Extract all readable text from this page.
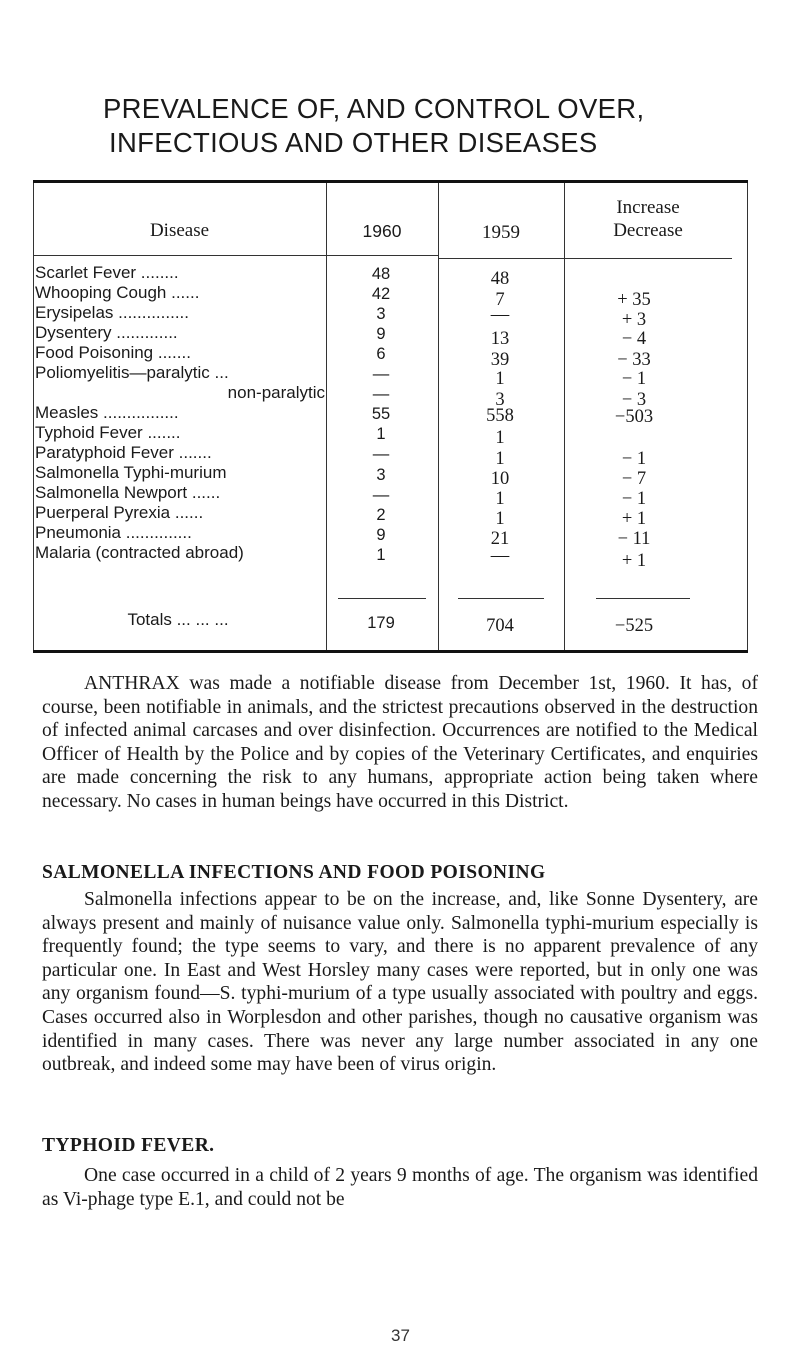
PREVALENCE OF, AND CONTROL OVER,
INFECTIOUS AND OTHER DISEASES
Disease	1960	1959
Increase
Decrease
Scarlet Fever ........	48	48
Whooping Cough ......	42	7	+ 35
Erysipelas ...............	3	—	+ 3
Dysentery .............	9	13	− 4
Food Poisoning .......	6	39	− 33
Poliomyelitis—paralytic ...	—	1	− 1
non-paralytic	—	3	− 3
Measles ................	55	558	−503
Typhoid Fever .......	1	1
Paratyphoid Fever .......	—	1	− 1
Salmonella Typhi-murium	3	10	− 7
Salmonella Newport ......	—	1	− 1
Puerperal Pyrexia ......	2	1	+ 1
Pneumonia ..............	9	21	− 11
Malaria (contracted abroad)	1	—	+ 1
Totals ... ... ...	179	704	−525
ANTHRAX was made a notifiable disease from December 1st, 1960. It has, of course, been notifiable in animals, and the strictest precautions observed in the destruction of infected animal carcases and over disinfection. Occurrences are notified to the Medical Officer of Health by the Police and by copies of the Veterinary Certificates, and enquiries are made concerning the risk to any humans, appropriate action being taken where necessary. No cases in human beings have occurred in this District.
SALMONELLA INFECTIONS AND FOOD POISONING
Salmonella infections appear to be on the increase, and, like Sonne Dysentery, are always present and mainly of nuisance value only. Salmonella typhi-murium especially is frequently found; the type seems to vary, and there is no apparent prevalence of any particular one. In East and West Horsley many cases were reported, but in only one was any organism found—S. typhi-murium of a type usually associated with poultry and eggs. Cases occurred also in Worplesdon and other parishes, though no causative organism was identified in many cases. There was never any large number associated in any one outbreak, and indeed some may have been of virus origin.
TYPHOID FEVER.
One case occurred in a child of 2 years 9 months of age. The organism was identified as Vi-phage type E.1, and could not be
37
